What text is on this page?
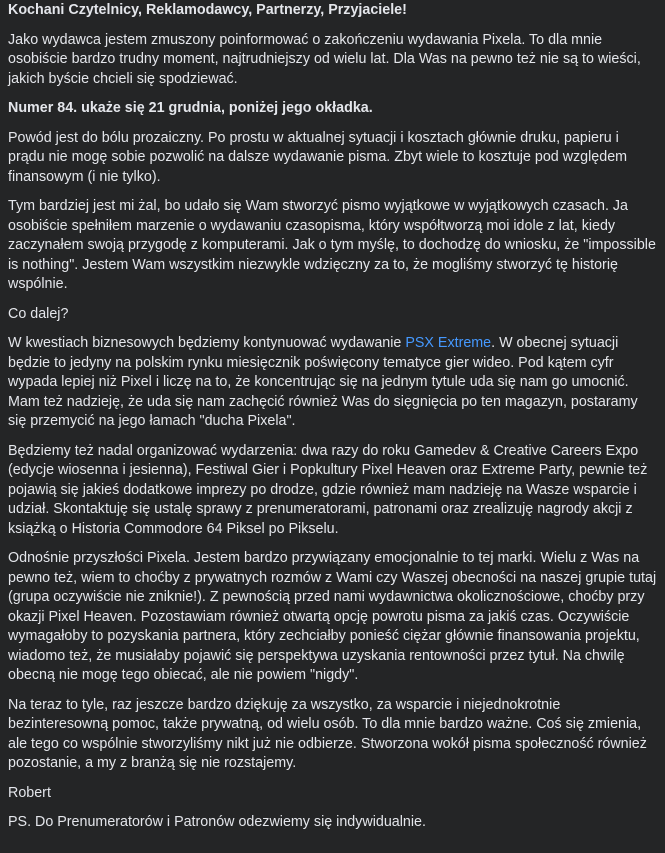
Kochani Czytelnicy, Reklamodawcy, Partnerzy, Przyjaciele!

Jako wydawca jestem zmuszony poinformować o zakończeniu wydawania Pixela. To dla mnie osobiście bardzo trudny moment, najtrudniejszy od wielu lat. Dla Was na pewno też nie są to wieści, jakich byście chcieli się spodziewać.

Numer 84. ukaże się 21 grudnia, poniżej jego okładka.

Powód jest do bólu prozaiczny. Po prostu w aktualnej sytuacji i kosztach głównie druku, papieru i prądu nie mogę sobie pozwolić na dalsze wydawanie pisma. Zbyt wiele to kosztuje pod względem finansowym (i nie tylko).

Tym bardziej jest mi żal, bo udało się Wam stworzyć pismo wyjątkowe w wyjątkowych czasach. Ja osobiście spełniłem marzenie o wydawaniu czasopisma, który współtworzą moi idole z lat, kiedy zaczynałem swoją przygodę z komputerami. Jak o tym myślę, to dochodzę do wniosku, że "impossible is nothing". Jestem Wam wszystkim niezwykle wdzięczny za to, że mogliśmy stworzyć tę historię wspólnie.

Co dalej?

W kwestiach biznesowych będziemy kontynuować wydawanie PSX Extreme. W obecnej sytuacji będzie to jedyny na polskim rynku miesięcznik poświęcony tematyce gier wideo. Pod kątem cyfr wypada lepiej niż Pixel i liczę na to, że koncentrując się na jednym tytule uda się nam go umocnić. Mam też nadzieję, że uda się nam zachęcić również Was do sięgnięcia po ten magazyn, postaramy się przemycić na jego łamach "ducha Pixela".

Będziemy też nadal organizować wydarzenia: dwa razy do roku Gamedev & Creative Careers Expo (edycje wiosenna i jesienna), Festiwal Gier i Popkultury Pixel Heaven oraz Extreme Party, pewnie też pojawią się jakieś dodatkowe imprezy po drodze, gdzie również mam nadzieję na Wasze wsparcie i udział. Skontaktuję się ustalę sprawy z prenumeratorami, patronami oraz zrealizuję nagrody akcji z książką o Historia Commodore 64 Piksel po Pikselu.

Odnośnie przyszłości Pixela. Jestem bardzo przywiązany emocjonalnie to tej marki. Wielu z Was na pewno też, wiem to choćby z prywatnych rozmów z Wami czy Waszej obecności na naszej grupie tutaj (grupa oczywiście nie zniknie!). Z pewnością przed nami wydawnictwa okolicznościowe, choćby przy okazji Pixel Heaven. Pozostawiam również otwartą opcję powrotu pisma za jakiś czas. Oczywiście wymagałoby to pozyskania partnera, który zechciałby ponieść ciężar głównie finansowania projektu, wiadomo też, że musiałaby pojawić się perspektywa uzyskania rentowności przez tytuł. Na chwilę obecną nie mogę tego obiecać, ale nie powiem "nigdy".

Na teraz to tyle, raz jeszcze bardzo dziękuję za wszystko, za wsparcie i niejednokrotnie bezinteresowną pomoc, także prywatną, od wielu osób. To dla mnie bardzo ważne. Coś się zmienia, ale tego co wspólnie stworzyliśmy nikt już nie odbierze. Stworzona wokół pisma społeczność również pozostanie, a my z branżą się nie rozstajemy.

Robert

PS. Do Prenumeratorów i Patronów odezwiemy się indywidualnie.
